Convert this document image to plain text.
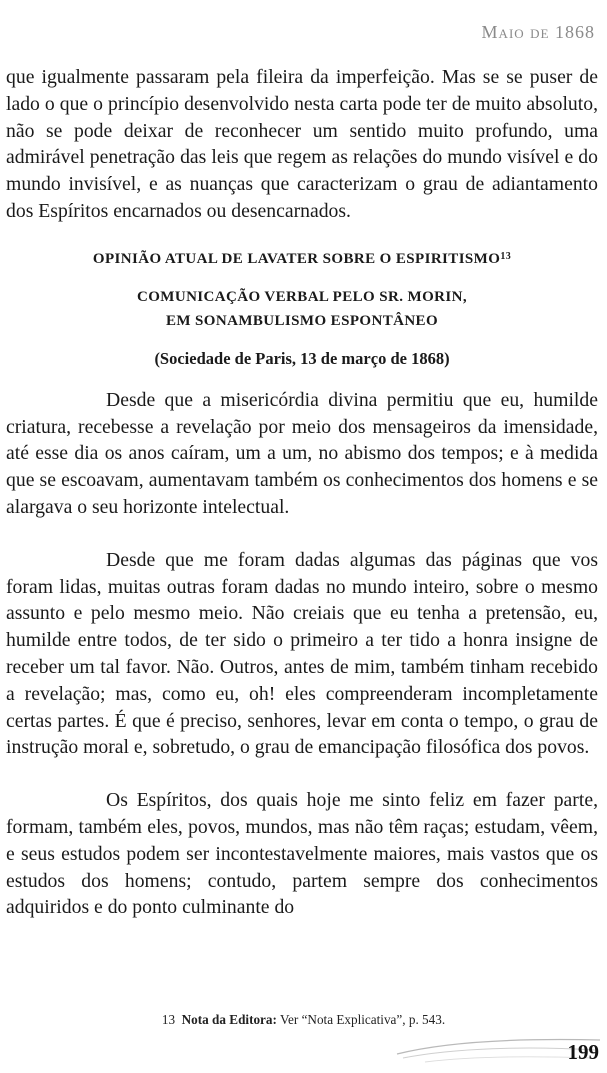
Maio de 1868

que igualmente passaram pela fileira da imperfeição. Mas se se puser de lado o que o princípio desenvolvido nesta carta pode ter de muito absoluto, não se pode deixar de reconhecer um sentido muito profundo, uma admirável penetração das leis que regem as relações do mundo visível e do mundo invisível, e as nuanças que caracterizam o grau de adiantamento dos Espíritos encarnados ou desencarnados.

OPINIÃO ATUAL DE LAVATER SOBRE O ESPIRITISMO$^{13}$
COMUNICAÇÃO VERBAL PELO SR. MORIN,
EM SONAMBULISMO ESPONTÂNEO
(Sociedade de Paris, 13 de março de 1868)

Desde que a misericórdia divina permitiu que eu, humilde criatura, recebesse a revelação por meio dos mensageiros da imensidade, até esse dia os anos caíram, um a um, no abismo dos tempos; e à medida que se escoavam, aumentavam também os conhecimentos dos homens e se alargava o seu horizonte intelectual.

Desde que me foram dadas algumas das páginas que vos foram lidas, muitas outras foram dadas no mundo inteiro, sobre o mesmo assunto e pelo mesmo meio. Não creiais que eu tenha a pretensão, eu, humilde entre todos, de ter sido o primeiro a ter tido a honra insigne de receber um tal favor. Não. Outros, antes de mim, também tinham recebido a revelação; mas, como eu, oh! eles compreenderam incompletamente certas partes. É que é preciso, senhores, levar em conta o tempo, o grau de instrução moral e, sobretudo, o grau de emancipação filosófica dos povos.

Os Espíritos, dos quais hoje me sinto feliz em fazer parte, formam, também eles, povos, mundos, mas não têm raças; estudam, vêem, e seus estudos podem ser incontestavelmente maiores, mais vastos que os estudos dos homens; contudo, partem sempre dos conhecimentos adquiridos e do ponto culminante do

13 Nota da Editora: Ver “Nota Explicativa”, p. 543.
199
